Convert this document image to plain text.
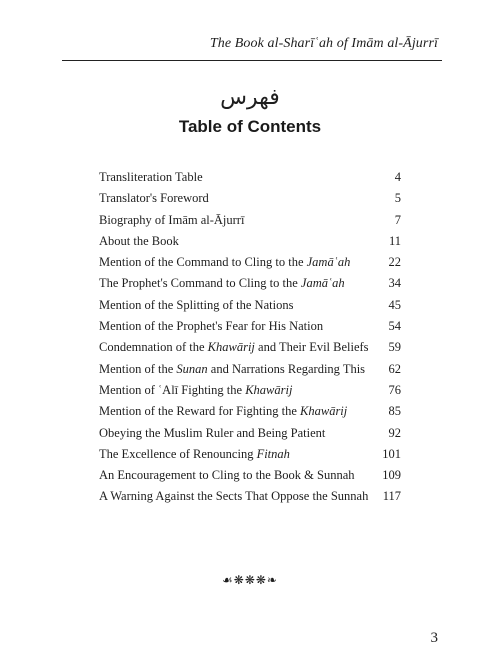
The Book al-Sharīʿah of Imām al-Ājurrī
فهرس
Table of Contents
Transliteration Table	4
Translator's Foreword	5
Biography of Imām al-Ājurrī	7
About the Book	11
Mention of the Command to Cling to the Jamāʿah	22
The Prophet's Command to Cling to the Jamāʿah	34
Mention of the Splitting of the Nations	45
Mention of the Prophet's Fear for His Nation	54
Condemnation of the Khawārij and Their Evil Beliefs	59
Mention of the Sunan and Narrations Regarding This	62
Mention of ʿAlī Fighting the Khawārij	76
Mention of the Reward for Fighting the Khawārij	85
Obeying the Muslim Ruler and Being Patient	92
The Excellence of Renouncing Fitnah	101
An Encouragement to Cling to the Book & Sunnah	109
A Warning Against the Sects That Oppose the Sunnah	117
☙❋❋❋❧
3
